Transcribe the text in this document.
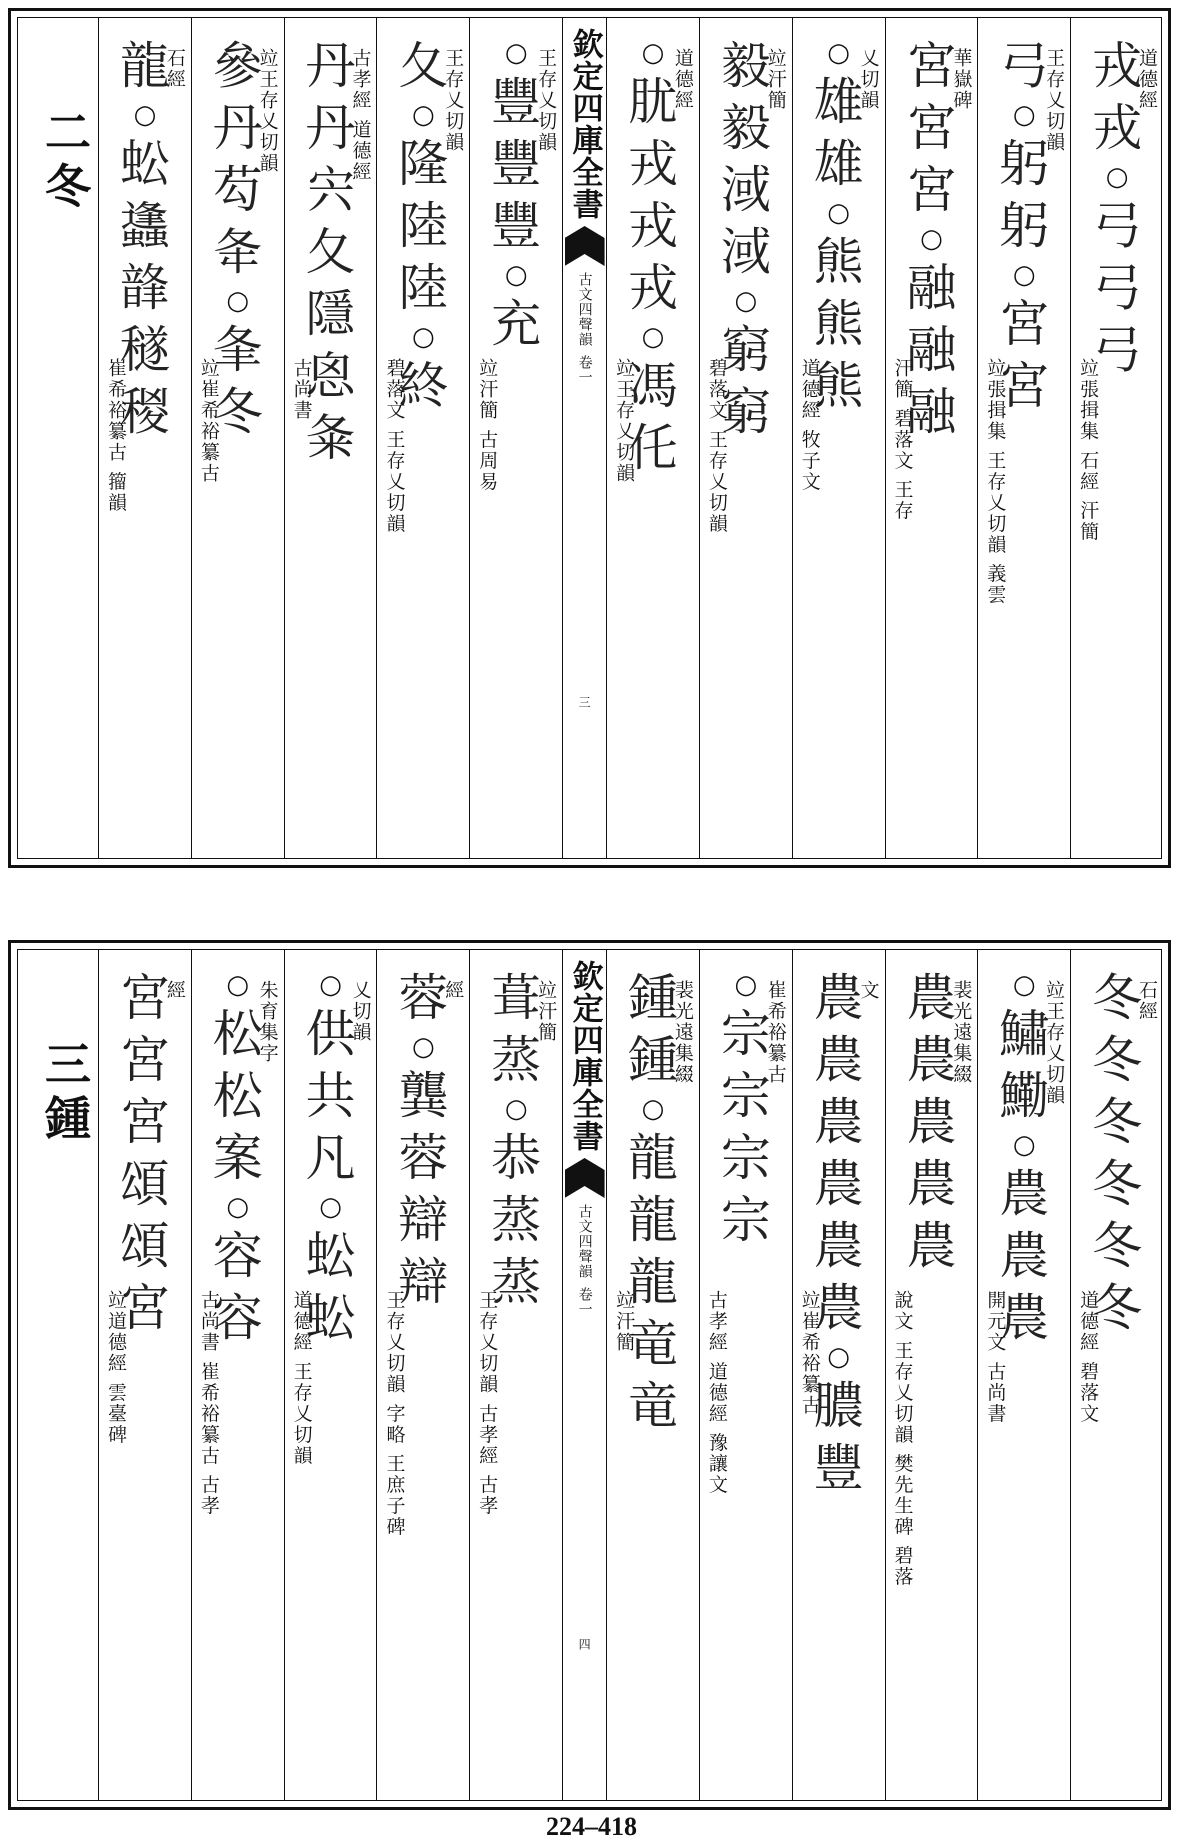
二冬
龍
○
蚣
蠭
韸
穟
稯
石經
崔希裕纂古 籀韻
參
丹
芶
夅
○
夆
冬
竝王存乂切韻
竝崔希裕纂古
丹
丹
宍
夂
隱
恖
夈
古孝經 道德經
古尚書
夂
○
隆
陸
陸
○
終
王存乂切韻
碧落文 王存乂切韻
○
豐
豐
豐
○
充
王存乂切韻
竝汗簡 古周易
欽定四庫全書
古文四聲韻
卷一
三
○
肬
戎
戎
戎
○
馮
仛
道德經
竝王存乂切韻
毅
毅
淢
淢
○
窮
窮
竝汗簡
碧落文 王存乂切韻
○
雄
雄
○
熊
熊
熊
乂切韻
道德經 牧子文
宮
宮
宮
○
融
融
融
華嶽碑
汗簡 碧落文 王存
弓
○
躬
躬
○
宮
宮
王存乂切韻
竝張揖集 王存乂切韻 義雲
戎
戎
○
弓
弓
弓
道德經
竝張揖集 石經 汗簡
三鍾
宮
宮
宮
頌
頌
宮
經
竝道德經 雲臺碑
○
松
松
案
○
容
容
朱育集字
古尚書 崔希裕纂古 古孝
○
供
共
凡
○
蚣
蚣
乂切韻
道德經 王存乂切韻
蓉
○
龔
蓉
辯
辯
經
王存乂切韻 字略 王庶子碑
葺
蒸
○
恭
蒸
蒸
竝汗簡
王存乂切韻 古孝經 古孝
欽定四庫全書
古文四聲韻
卷一
四
鍾
鍾
○
龍
龍
龍
竜
竜
裴光遠集綴
竝汗簡
○
宗
宗
宗
宗
崔希裕纂古
古孝經 道德經 豫讓文
農
農
農
農
農
農
○
膿
豐
文
竝崔希裕纂古
農
農
農
農
農
裴光遠集綴
說文 王存乂切韻 樊先生碑 碧落
○
鱐
鰳
○
農
農
農
竝王存乂切韻
開元文 古尚書
冬
冬
冬
冬
冬
冬
石經
道德經 碧落文
224–418
